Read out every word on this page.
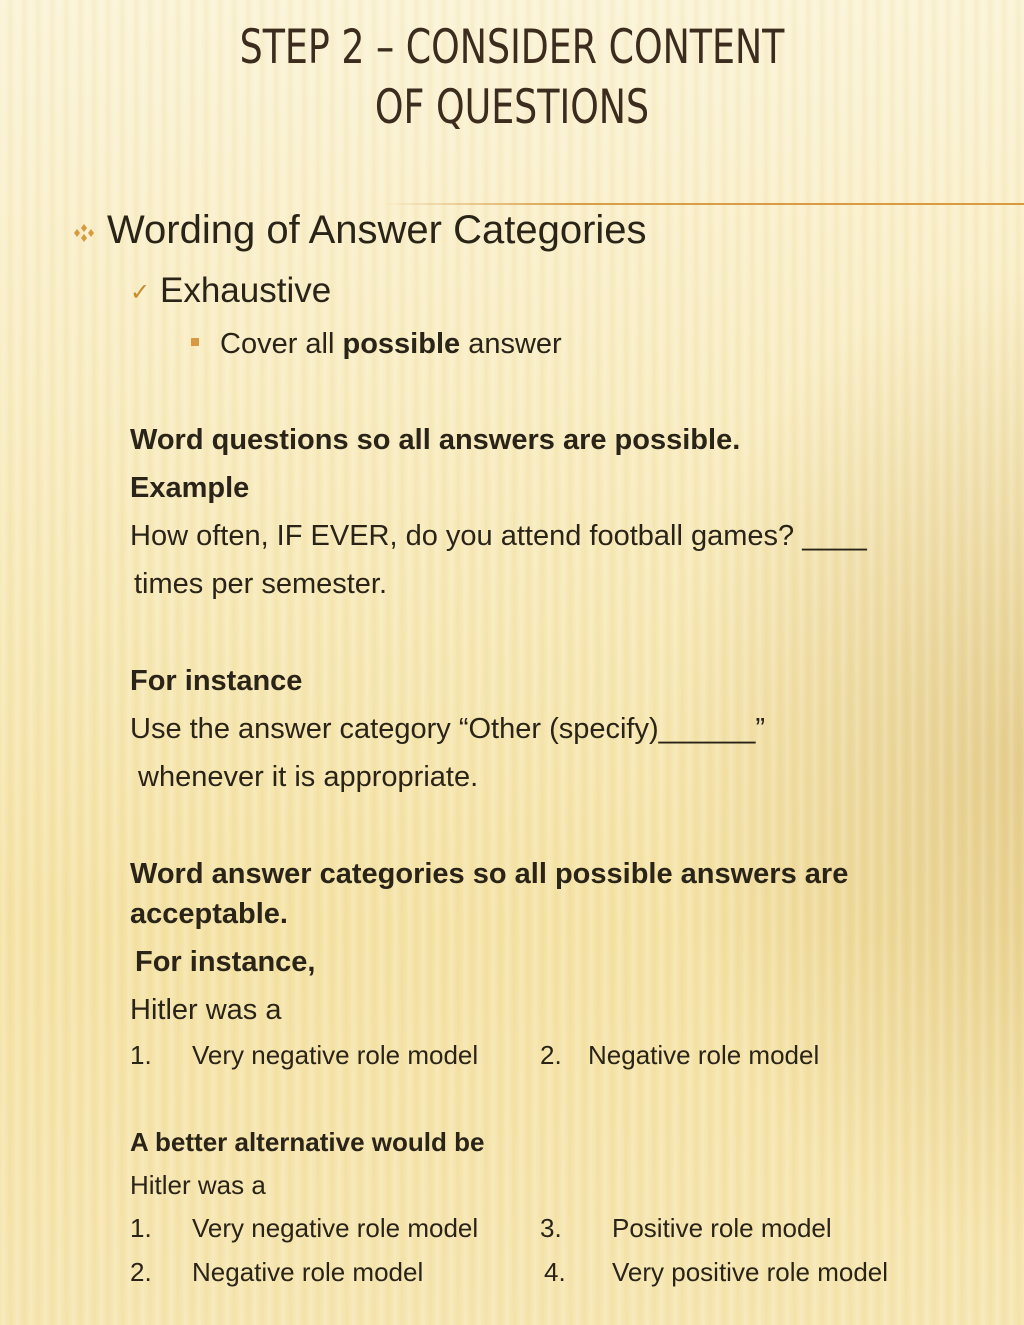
STEP 2 – CONSIDER CONTENT
OF QUESTIONS
Wording of Answer Categories
✓ Exhaustive
Cover all possible answer
Word questions so all answers are possible.
Example
How often, IF EVER, do you attend football games? ____
times per semester.
For instance
Use the answer category “Other (specify)______”
whenever it is appropriate.
Word answer categories so all possible answers are
acceptable.
For instance,
Hitler was a
1. Very negative role model 2. Negative role model
A better alternative would be
Hitler was a
1. Very negative role model 3. Positive role model
2. Negative role model	4. Very positive role model
